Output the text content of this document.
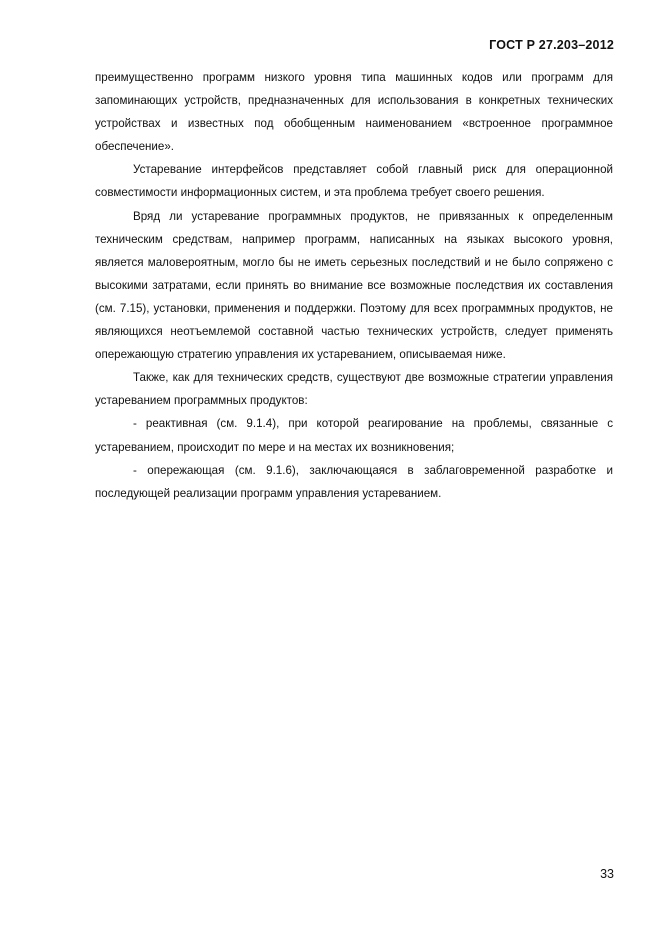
ГОСТ Р 27.203–2012

преимущественно программ низкого уровня типа машинных кодов или программ для запоминающих устройств, предназначенных для использования в конкретных технических устройствах и известных под обобщенным наименованием «встроенное программное обеспечение».

Устаревание интерфейсов представляет собой главный риск для операционной совместимости информационных систем, и эта проблема требует своего решения.

Вряд ли устаревание программных продуктов, не привязанных к определенным техническим средствам, например программ, написанных на языках высокого уровня, является маловероятным, могло бы не иметь серьезных последствий и не было сопряжено с высокими затратами, если принять во внимание все возможные последствия их составления (см. 7.15), установки, применения и поддержки. Поэтому для всех программных продуктов, не являющихся неотъемлемой составной частью технических устройств, следует применять опережающую стратегию управления их устареванием, описываемая ниже.

Также, как для технических средств, существуют две возможные стратегии управления устареванием программных продуктов:

- реактивная (см. 9.1.4), при которой реагирование на проблемы, связанные с устареванием, происходит по мере и на местах их возникновения;

- опережающая (см. 9.1.6), заключающаяся в заблаговременной разработке и последующей реализации программ управления устареванием.

33
